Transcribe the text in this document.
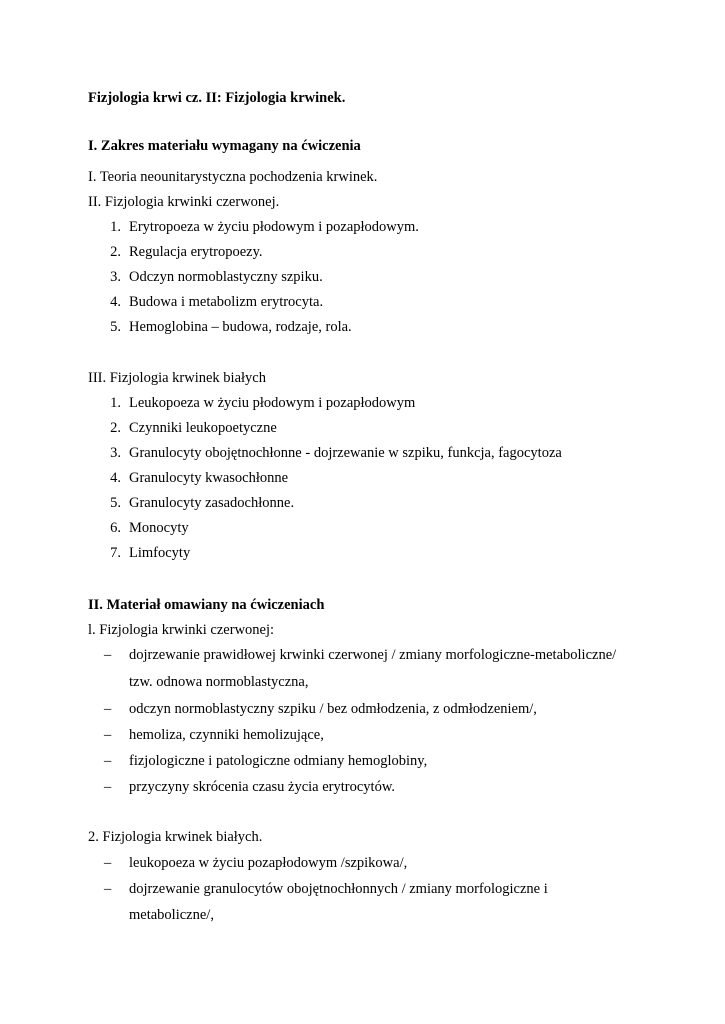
Fizjologia krwi cz. II: Fizjologia krwinek.
I. Zakres materiału wymagany na ćwiczenia
I. Teoria neounitarystyczna pochodzenia krwinek.
II. Fizjologia krwinki czerwonej.
1. Erytropoeza w życiu płodowym i pozapłodowym.
2. Regulacja erytropoezy.
3. Odczyn normoblastyczny szpiku.
4. Budowa i metabolizm erytrocyta.
5. Hemoglobina – budowa, rodzaje, rola.
III. Fizjologia krwinek białych
1. Leukopoeza w życiu płodowym i pozapłodowym
2. Czynniki leukopoetyczne
3. Granulocyty obojętnochłonne - dojrzewanie w szpiku, funkcja, fagocytoza
4. Granulocyty kwasochłonne
5. Granulocyty zasadochłonne.
6. Monocyty
7. Limfocyty
II. Materiał omawiany na ćwiczeniach
l. Fizjologia krwinki czerwonej:
– dojrzewanie prawidłowej krwinki czerwonej / zmiany morfologiczne-metaboliczne/
tzw. odnowa normoblastyczna,
– odczyn normoblastyczny szpiku / bez odmłodzenia, z odmłodzeniem/,
– hemoliza, czynniki hemolizujące,
– fizjologiczne i patologiczne odmiany hemoglobiny,
– przyczyny skrócenia czasu życia erytrocytów.
2. Fizjologia krwinek białych.
– leukopoeza w życiu pozapłodowym /szpikowa/,
– dojrzewanie granulocytów obojętnochłonnych / zmiany morfologiczne i
metaboliczne/,
